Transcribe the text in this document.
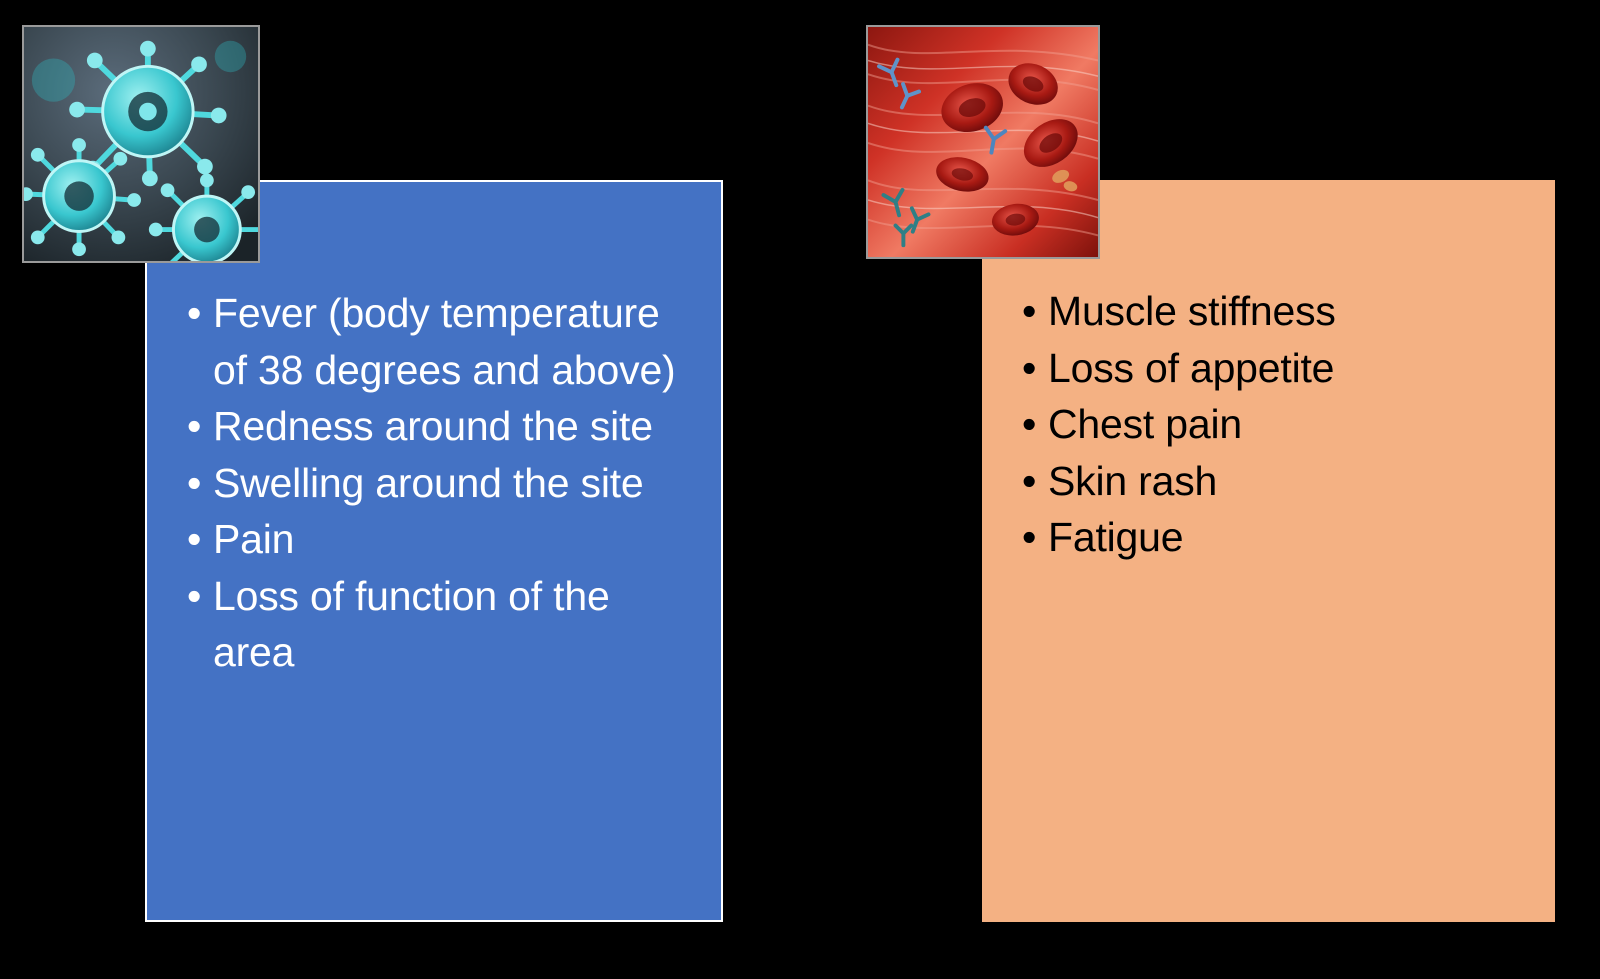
• Fever (body temperature of 38 degrees and above)
• Redness around the site
• Swelling around the site
• Pain
• Loss of function of the area
• Muscle stiffness
• Loss of appetite
• Chest pain
• Skin rash
• Fatigue
